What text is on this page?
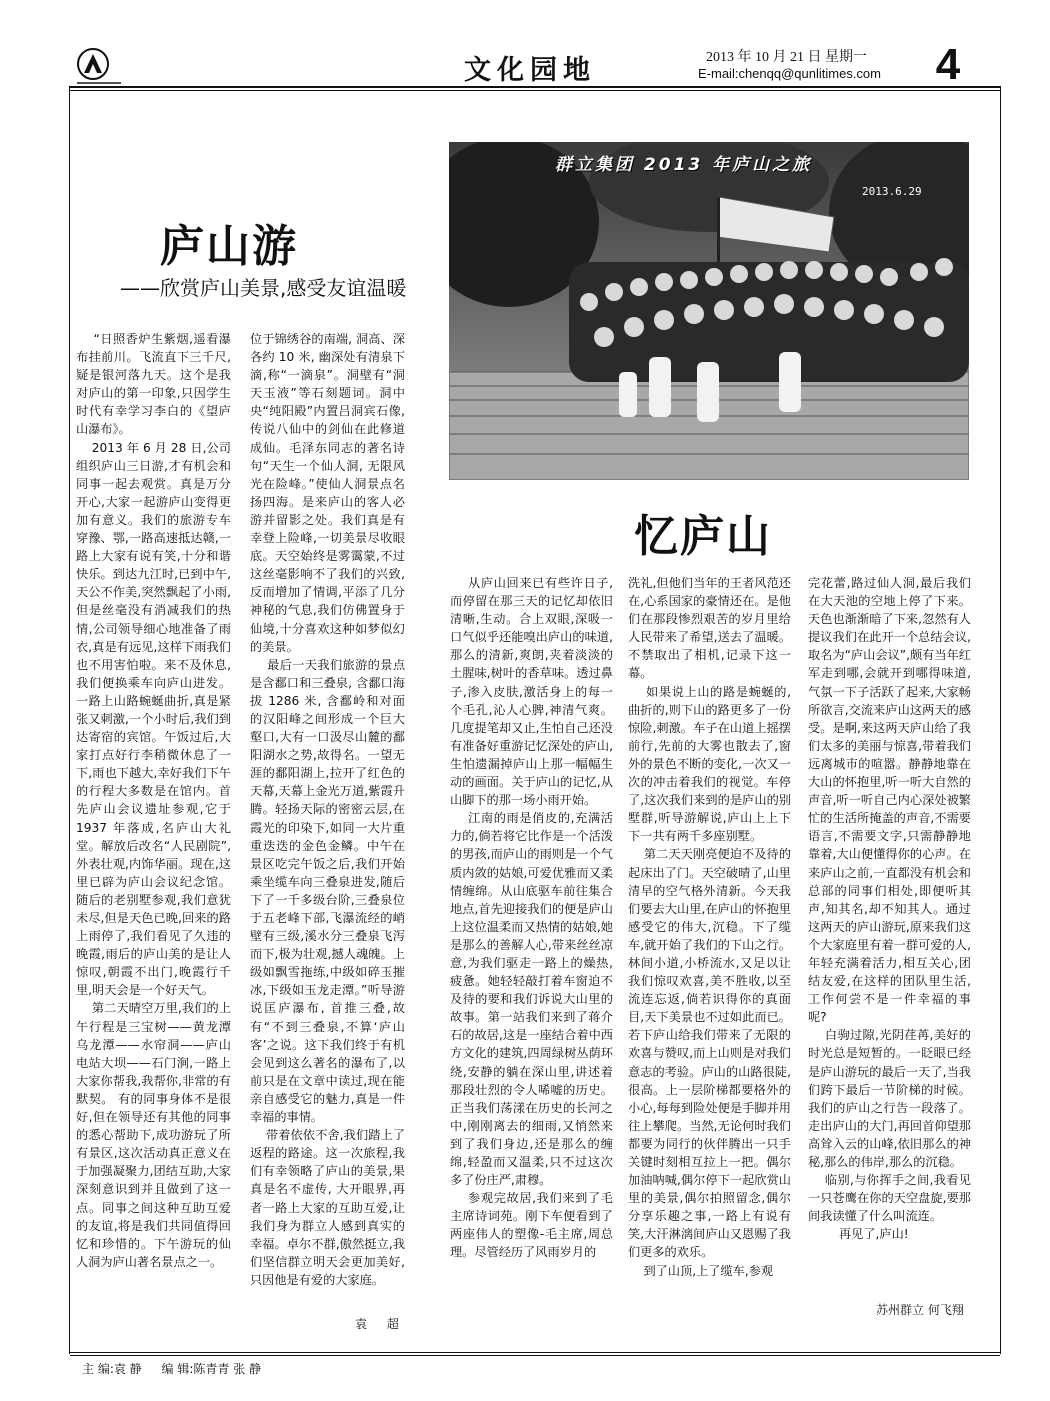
文化园地	2013 年 10 月 21 日 星期一
E-mail:chenqq@qunlitimes.com 4
庐山游
——欣赏庐山美景,感受友谊温暖
“日照香炉生紫烟,遥看瀑布挂前川。飞流直下三千尺,疑是银河落九天。这个是我对庐山的第一印象,只因学生时代有幸学习李白的《望庐山瀑布》。
2013 年 6 月 28 日,公司组织庐山三日游,才有机会和同事一起去观赏。真是万分开心,大家一起游庐山变得更加有意义。我们的旅游专车穿豫、鄂,一路高速抵达赣,一路上大家有说有笑,十分和谐快乐。到达九江时,已到中午,天公不作美,突然飘起了小雨,但是丝毫没有消减我们的热情,公司领导细心地准备了雨衣,真是有远见,这样下雨我们也不用害怕啦。来不及休息,我们便换乘车向庐山进发。一路上山路蜿蜒曲折,真是紧张又刺激,一个小时后,我们到达寄宿的宾馆。午饭过后,大家打点好行李稍微休息了一下,雨也下越大,幸好我们下午的行程大多数是在馆内。首先庐山会议遗址参观,它于 1937 年落成,名庐山大礼堂。解放后改名“人民剧院”,外表壮观,内饰华丽。现在,这里已辟为庐山会议纪念馆。随后的老别墅参观,我们意犹未尽,但是天色已晚,回来的路上雨停了,我们看见了久违的晚霞,雨后的庐山美的是让人惊叹,朝霞不出门,晚霞行千里,明天会是一个好天气。
第二天晴空万里,我们的上午行程是三宝树——黄龙潭乌龙潭——水帘洞——庐山电站大坝——石门涧,一路上大家你帮我,我帮你,非常的有默契。 有的同事身体不是很好,但在领导还有其他的同事的悉心帮助下,成功游玩了所有景区,这次活动真正意义在于加强凝聚力,团结互助,大家深刻意识到并且做到了这一点。同事之间这种互助互爱的友谊,将是我们共同值得回忆和珍惜的。下午游玩的仙人洞为庐山著名景点之一。
位于锦绣谷的南端, 洞高、深各约 10 米, 幽深处有清泉下滴,称“一滴泉”。洞壁有“洞天玉液”等石刻题词。洞中央“纯阳殿”内置吕洞宾石像,传说八仙中的剑仙在此修道成仙。毛泽东同志的著名诗句“天生一个仙人洞, 无限风光在险峰。”使仙人洞景点名扬四海。是来庐山的客人必游并留影之处。我们真是有幸登上险峰,一切美景尽收眼底。天空始终是雾霭蒙,不过这丝毫影响不了我们的兴致,反而增加了情调,平添了几分神秘的气息,我们仿佛置身于仙境,十分喜欢这种如梦似幻的美景。
最后一天我们旅游的景点是含鄱口和三叠泉, 含鄱口海拔 1286 米, 含鄱岭和对面的汉阳峰之间形成一个巨大壑口,大有一口汲尽山麓的鄱阳湖水之势,故得名。一望无涯的鄱阳湖上,拉开了红色的天幕,天幕上金光万道,紫霞升腾。轻扬天际的密密云层,在霞光的印染下,如同一大片重重迭迭的金色金鳞。中午在景区吃完午饭之后,我们开始乘坐缆车向三叠泉进发,随后下了一千多级台阶,三叠泉位于五老峰下部,飞瀑流经的峭壁有三级,溪水分三叠泉飞泻而下,极为壮观,撼人魂魄。上级如飘雪拖练,中级如碎玉摧冰,下级如玉龙走潭。”听导游说匡庐瀑布, 首推三叠,故有“不到三叠泉,不算‘庐山客’之说。这下我们终于有机会见到这么著名的瀑布了,以前只是在文章中读过,现在能亲自感受它的魅力,真是一件幸福的事情。
带着依依不舍,我们踏上了返程的路途。这一次旅程,我们有幸领略了庐山的美景,果真是名不虚传, 大开眼界,再者一路上大家的互助互爱,让我们身为群立人感到真实的幸福。卓尔不群,傲然挺立,我们坚信群立明天会更加美好,只因他是有爱的大家庭。
袁 超
群立集团 2013 年庐山之旅
2013.6.29
忆庐山
从庐山回来已有些许日子,而停留在那三天的记忆却依旧清晰,生动。合上双眼,深吸一口气似乎还能嗅出庐山的味道,那么的清新,爽朗,夹着淡淡的土腥味,树叶的香草味。透过鼻子,渗入皮肤,激活身上的每一个毛孔,沁人心脾,神清气爽。几度提笔却又止,生怕自己还没有准备好重游记忆深处的庐山,生怕遗漏掉庐山上那一幅幅生动的画面。关于庐山的记忆,从山脚下的那一场小雨开始。
江南的雨是俏皮的,充满活力的,倘若将它比作是一个活泼的男孩,而庐山的雨则是一个气质内敛的姑娘,可爱优雅而又柔情缠绵。从山底驱车前往集合地点,首先迎接我们的便是庐山上这位温柔而又热情的姑娘,她是那么的善解人心,带来丝丝凉意,为我们驱走一路上的燥热,疲惫。她轻轻敲打着车窗迫不及待的要和我们诉说大山里的故事。第一站我们来到了蒋介石的故居,这是一座结合着中西方文化的建筑,四周绿树丛荫环绕,安静的躺在深山里,讲述着那段壮烈的令人唏嘘的历史。正当我们荡漾在历史的长河之中,刚刚离去的细雨,又悄然来到了我们身边,还是那么的缠绵,轻盈而又温柔,只不过这次多了份庄严,肃穆。
参观完故居,我们来到了毛主席诗词苑。刚下车便看到了两座伟人的塑像-毛主席,周总理。尽管经历了风雨岁月的
洗礼,但他们当年的王者风范还在,心系国家的豪情还在。是他们在那段惨烈艰苦的岁月里给人民带来了希望,送去了温暖。不禁取出了相机,记录下这一幕。
如果说上山的路是蜿蜒的,曲折的,则下山的路更多了一份惊险,刺激。车子在山道上摇摆前行,先前的大雾也散去了,窗外的景色不断的变化,一次又一次的冲击着我们的视觉。车停了,这次我们来到的是庐山的别墅群,听导游解说,庐山上上下下一共有两千多座别墅。
第二天天刚亮便迫不及待的起床出了门。天空破晴了,山里清早的空气格外清新。今天我们要去大山里,在庐山的怀抱里感受它的伟大,沉稳。下了缆车,就开始了我们的下山之行。林间小道,小桥流水,又足以让我们惊叹欢喜,美不胜收,以至流连忘返,倘若识得你的真面目,天下美景也不过如此而已。若下庐山给我们带来了无限的欢喜与赞叹,而上山则是对我们意志的考验。庐山的山路很陡,很高。上一层阶梯都要格外的小心,每每到险处便是手脚并用往上攀爬。当然,无论何时我们都要为同行的伙伴腾出一只手关键时刻相互拉上一把。偶尔加油呐喊,偶尔停下一起欣赏山里的美景,偶尔拍照留念,偶尔分享乐趣之事,一路上有说有笑,大汗淋漓间庐山又恩赐了我们更多的欢乐。
到了山顶,上了缆车,参观
完花蕾,路过仙人洞,最后我们在大天池的空地上停了下来。天色也渐渐暗了下来,忽然有人提议我们在此开一个总结会议,取名为“庐山会议”,颇有当年红军走到哪,会就开到哪得味道,气氛一下子活跃了起来,大家畅所欲言,交流来庐山这两天的感受。是啊,来这两天庐山给了我们太多的美丽与惊喜,带着我们远离城市的喧嚣。静静地靠在大山的怀抱里,听一听大自然的声音,听一听自己内心深处被繁忙的生活所掩盖的声音,不需要语言,不需要文字,只需静静地靠着,大山便懂得你的心声。在来庐山之前,一直都没有机会和总部的同事们相处,即便听其声,知其名,却不知其人。通过这两天的庐山游玩,原来我们这个大家庭里有着一群可爱的人, 年轻充满着活力,相互关心,团结友爱,在这样的团队里生活,工作何尝不是一件幸福的事呢?
白驹过隙,光阴荏苒,美好的时光总是短暂的。一眨眼已经是庐山游玩的最后一天了,当我们跨下最后一节阶梯的时候。我们的庐山之行告一段落了。走出庐山的大门,再回首仰望那高耸入云的山峰,依旧那么的神秘,那么的伟岸,那么的沉稳。
临别,与你挥手之间,我看见一只苍鹰在你的天空盘旋,要那间我读懂了什么叫流连。
再见了,庐山!
苏州群立 何飞翔
主 编:袁 静 编 辑:陈青青 张 静
